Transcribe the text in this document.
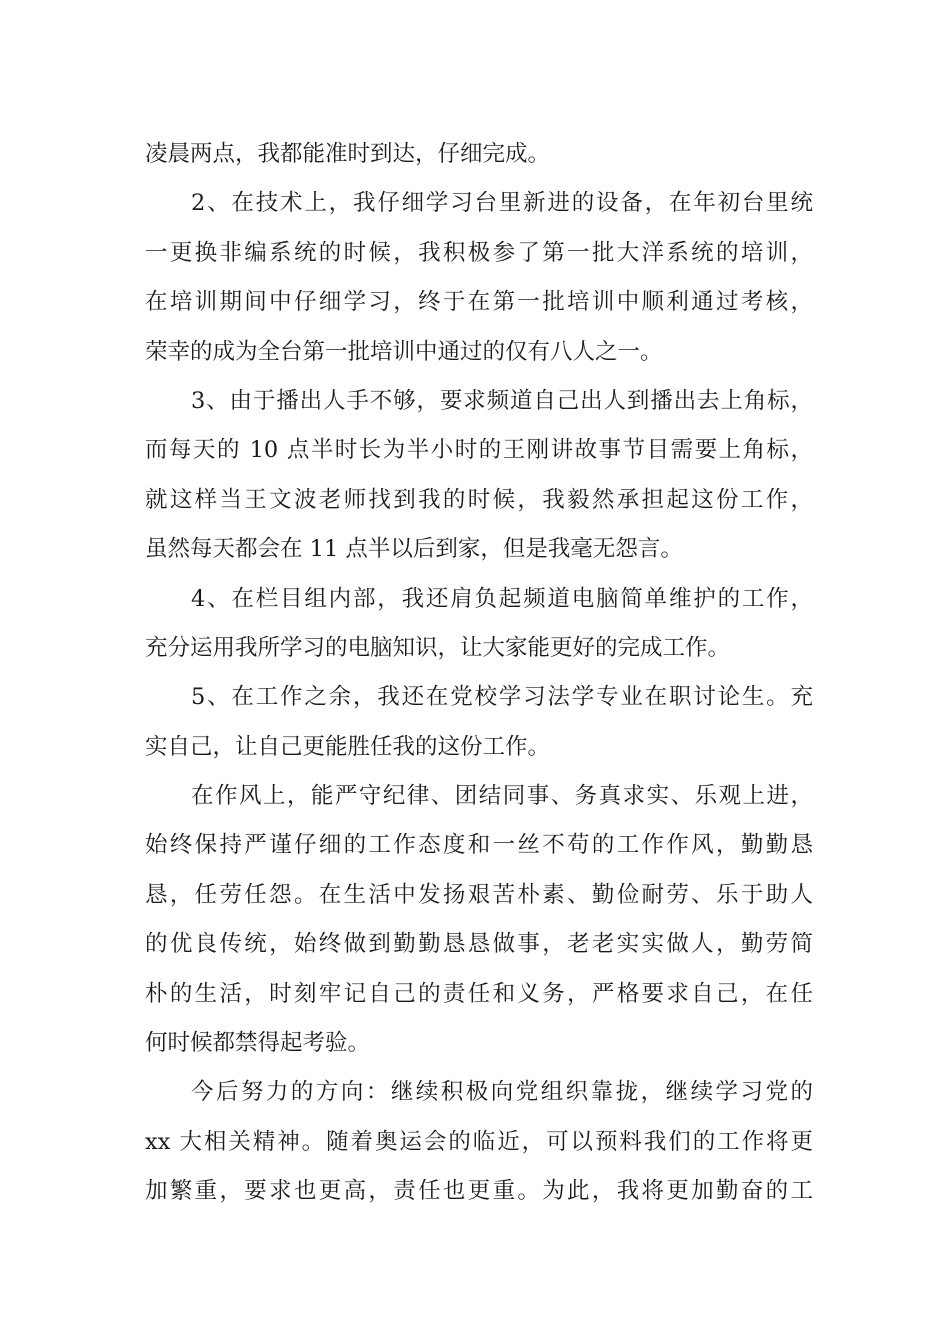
凌晨两点，我都能准时到达，仔细完成。
2、在技术上，我仔细学习台里新进的设备，在年初台里统
一更换非编系统的时候，我积极参了第一批大洋系统的培训，
在培训期间中仔细学习，终于在第一批培训中顺利通过考核，
荣幸的成为全台第一批培训中通过的仅有八人之一。
3、由于播出人手不够，要求频道自己出人到播出去上角标，
而每天的 10 点半时长为半小时的王刚讲故事节目需要上角标，
就这样当王文波老师找到我的时候，我毅然承担起这份工作，
虽然每天都会在 11 点半以后到家，但是我毫无怨言。
4、在栏目组内部，我还肩负起频道电脑简单维护的工作，
充分运用我所学习的电脑知识，让大家能更好的完成工作。
5、在工作之余，我还在党校学习法学专业在职讨论生。充
实自己，让自己更能胜任我的这份工作。
在作风上，能严守纪律、团结同事、务真求实、乐观上进，
始终保持严谨仔细的工作态度和一丝不苟的工作作风，勤勤恳
恳，任劳任怨。在生活中发扬艰苦朴素、勤俭耐劳、乐于助人
的优良传统，始终做到勤勤恳恳做事，老老实实做人，勤劳简
朴的生活，时刻牢记自己的责任和义务，严格要求自己，在任
何时候都禁得起考验。
今后努力的方向：继续积极向党组织靠拢，继续学习党的
xx 大相关精神。随着奥运会的临近，可以预料我们的工作将更
加繁重，要求也更高，责任也更重。为此，我将更加勤奋的工
